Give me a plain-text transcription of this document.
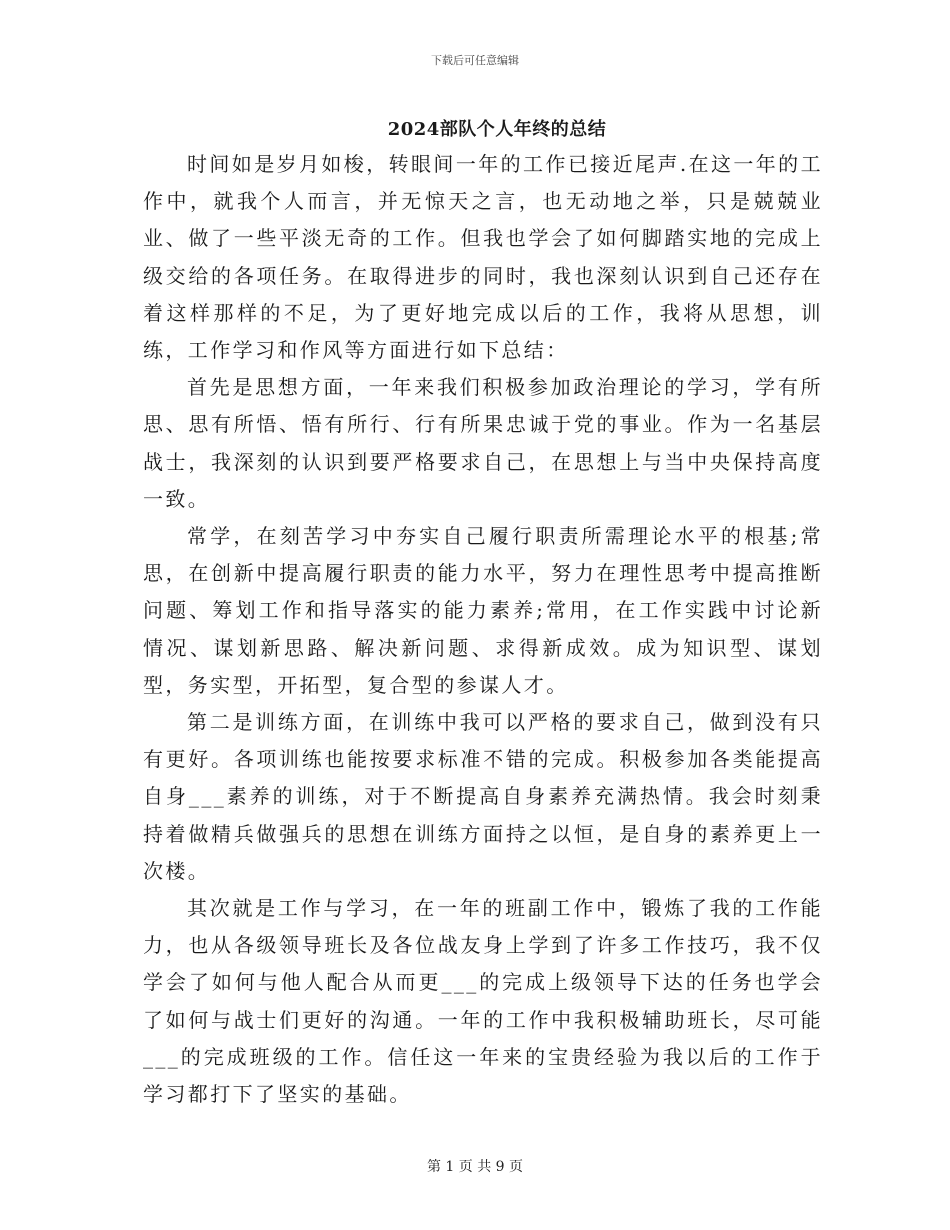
下载后可任意编辑
2024部队个人年终的总结

时间如是岁月如梭，转眼间一年的工作已接近尾声.在这一年的工作中，就我个人而言，并无惊天之言，也无动地之举，只是兢兢业业、做了一些平淡无奇的工作。但我也学会了如何脚踏实地的完成上级交给的各项任务。在取得进步的同时，我也深刻认识到自己还存在着这样那样的不足，为了更好地完成以后的工作，我将从思想，训练，工作学习和作风等方面进行如下总结：

首先是思想方面，一年来我们积极参加政治理论的学习，学有所思、思有所悟、悟有所行、行有所果忠诚于党的事业。作为一名基层战士，我深刻的认识到要严格要求自己，在思想上与当中央保持高度一致。

常学，在刻苦学习中夯实自己履行职责所需理论水平的根基;常思，在创新中提高履行职责的能力水平，努力在理性思考中提高推断问题、筹划工作和指导落实的能力素养;常用，在工作实践中讨论新情况、谋划新思路、解决新问题、求得新成效。成为知识型、谋划型，务实型，开拓型，复合型的参谋人才。

第二是训练方面，在训练中我可以严格的要求自己，做到没有只有更好。各项训练也能按要求标准不错的完成。积极参加各类能提高自身___素养的训练，对于不断提高自身素养充满热情。我会时刻秉持着做精兵做强兵的思想在训练方面持之以恒，是自身的素养更上一次楼。

其次就是工作与学习，在一年的班副工作中，锻炼了我的工作能力，也从各级领导班长及各位战友身上学到了许多工作技巧，我不仅学会了如何与他人配合从而更___的完成上级领导下达的任务也学会了如何与战士们更好的沟通。一年的工作中我积极辅助班长，尽可能___的完成班级的工作。信任这一年来的宝贵经验为我以后的工作于学习都打下了坚实的基础。

第 1 页 共 9 页
